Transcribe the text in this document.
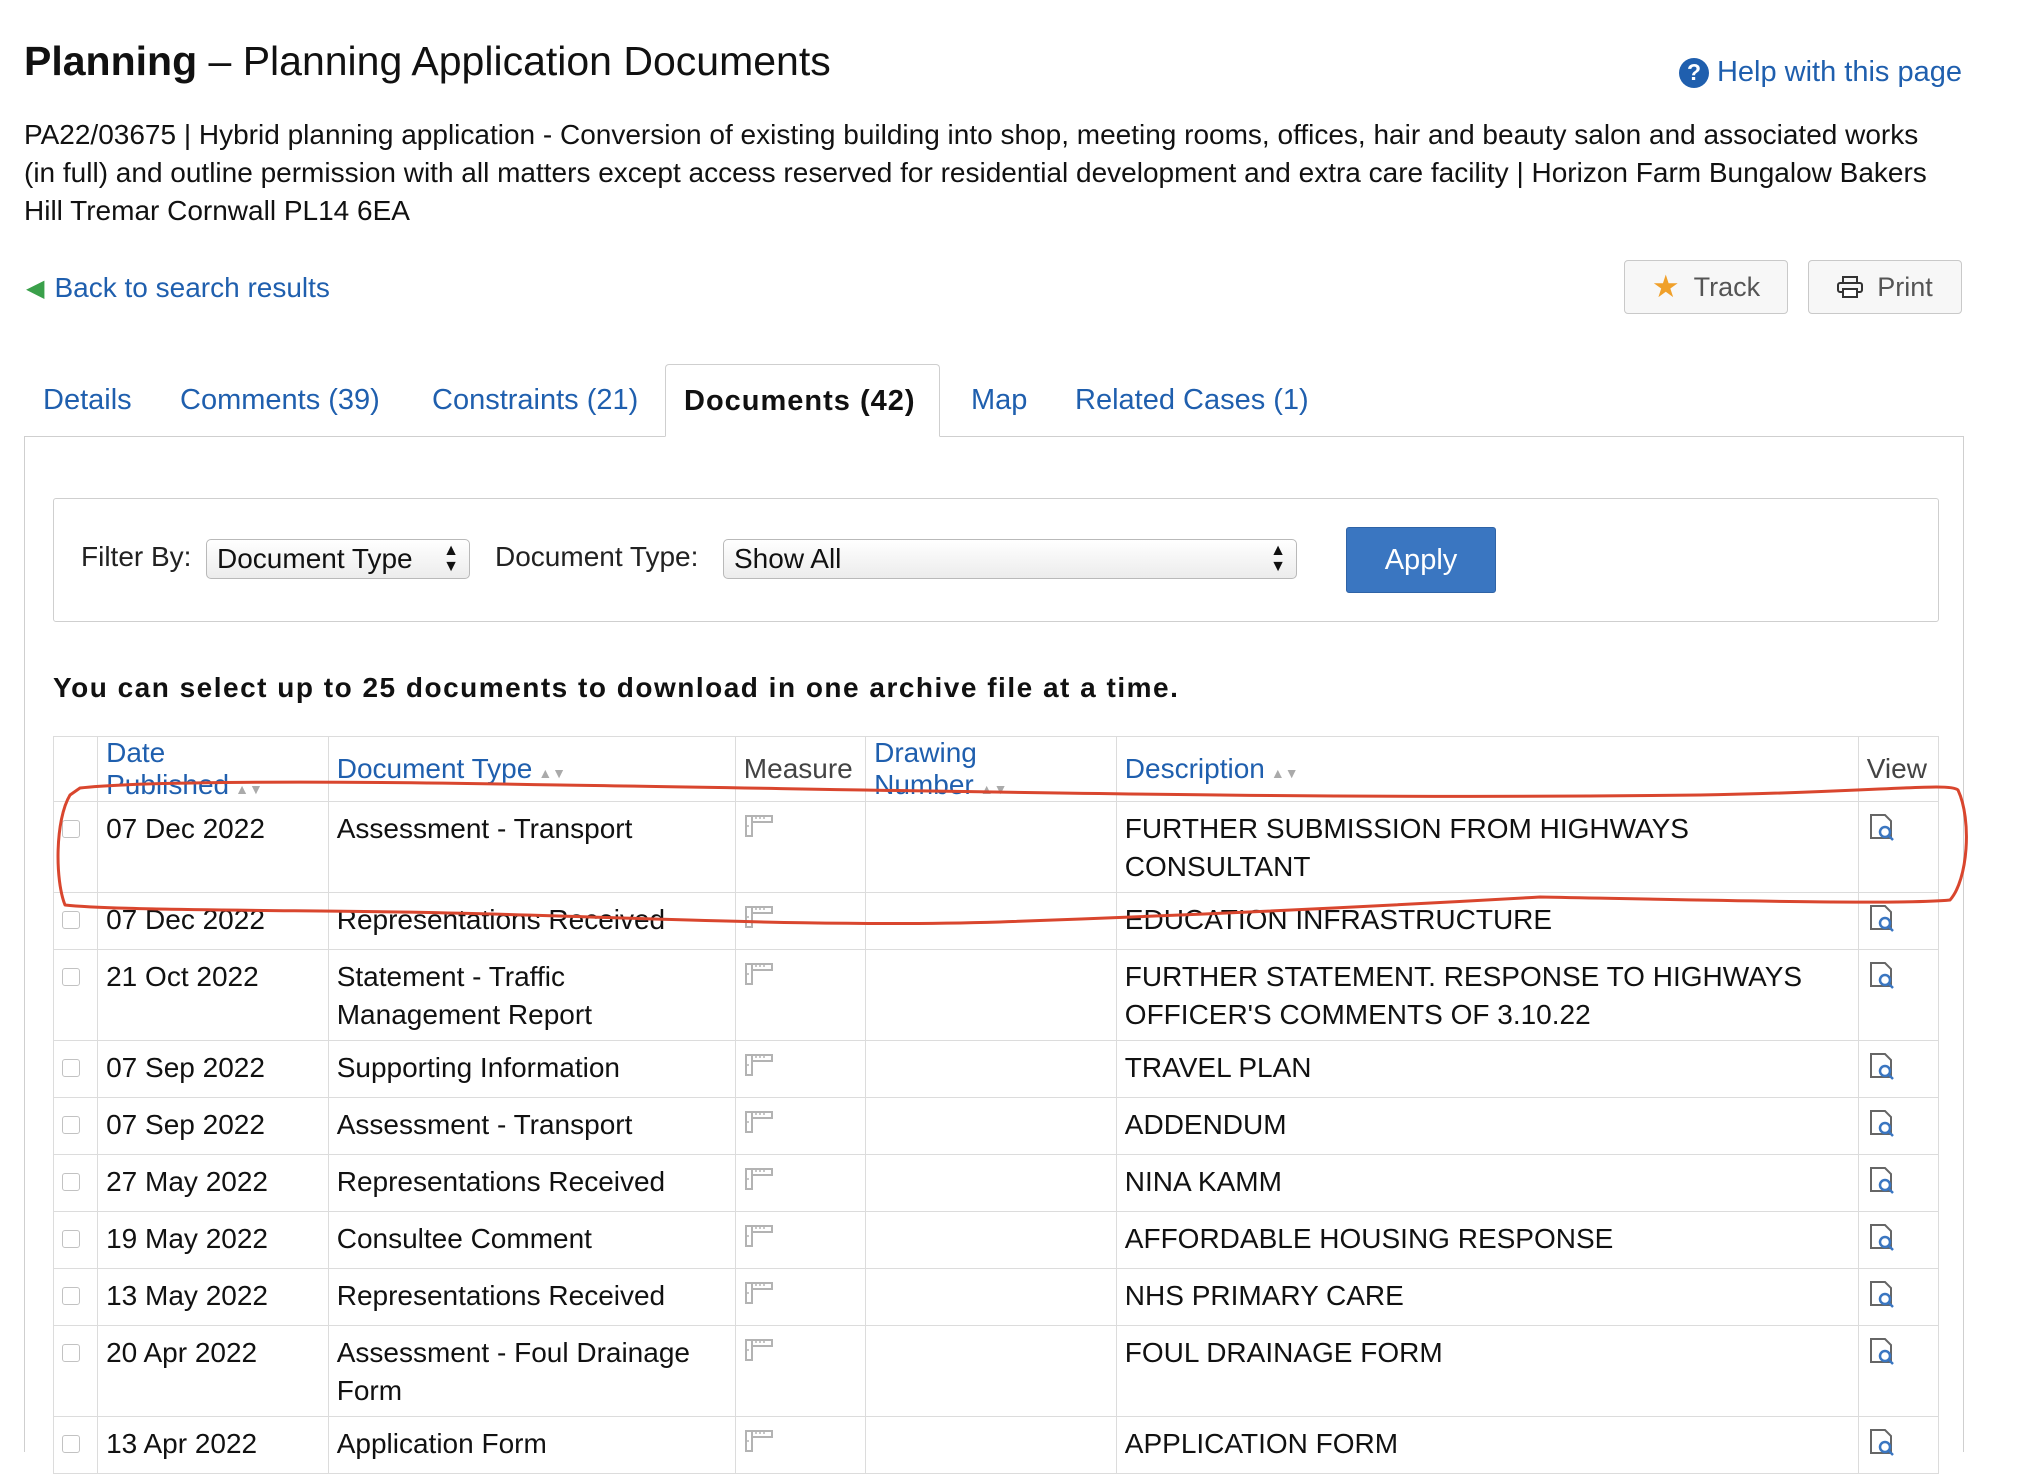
Planning – Planning Application Documents	? Help with this page

PA22/03675 | Hybrid planning application - Conversion of existing building into shop, meeting rooms, offices, hair and beauty salon and associated works (in full) and outline permission with all matters except access reserved for residential development and extra care facility | Horizon Farm Bungalow Bakers Hill Tremar Cornwall PL14 6EA

◀ Back to search results	★ Track	Print
Details Comments (39) Constraints (21)	Documents (42)	Map Related Cases (1)
Filter By: Document Type ▲
▼ Document Type:	Show All	▲
▼	Apply

You can select up to 25 documents to download in one archive file at a time.

	Date Published ▲▼	Document Type ▲▼	Measure	Drawing Number ▲▼	Description ▲▼	View
	07 Dec 2022	Assessment - Transport			FURTHER SUBMISSION FROM HIGHWAYS CONSULTANT	
	07 Dec 2022	Representations Received			EDUCATION INFRASTRUCTURE	
	21 Oct 2022	Statement - Traffic Management Report			FURTHER STATEMENT. RESPONSE TO HIGHWAYS OFFICER'S COMMENTS OF 3.10.22	
	07 Sep 2022	Supporting Information			TRAVEL PLAN	
	07 Sep 2022	Assessment - Transport			ADDENDUM	
	27 May 2022	Representations Received			NINA KAMM	
	19 May 2022	Consultee Comment			AFFORDABLE HOUSING RESPONSE	
	13 May 2022	Representations Received			NHS PRIMARY CARE	
	20 Apr 2022	Assessment - Foul Drainage Form			FOUL DRAINAGE FORM	
	13 Apr 2022	Application Form			APPLICATION FORM	
